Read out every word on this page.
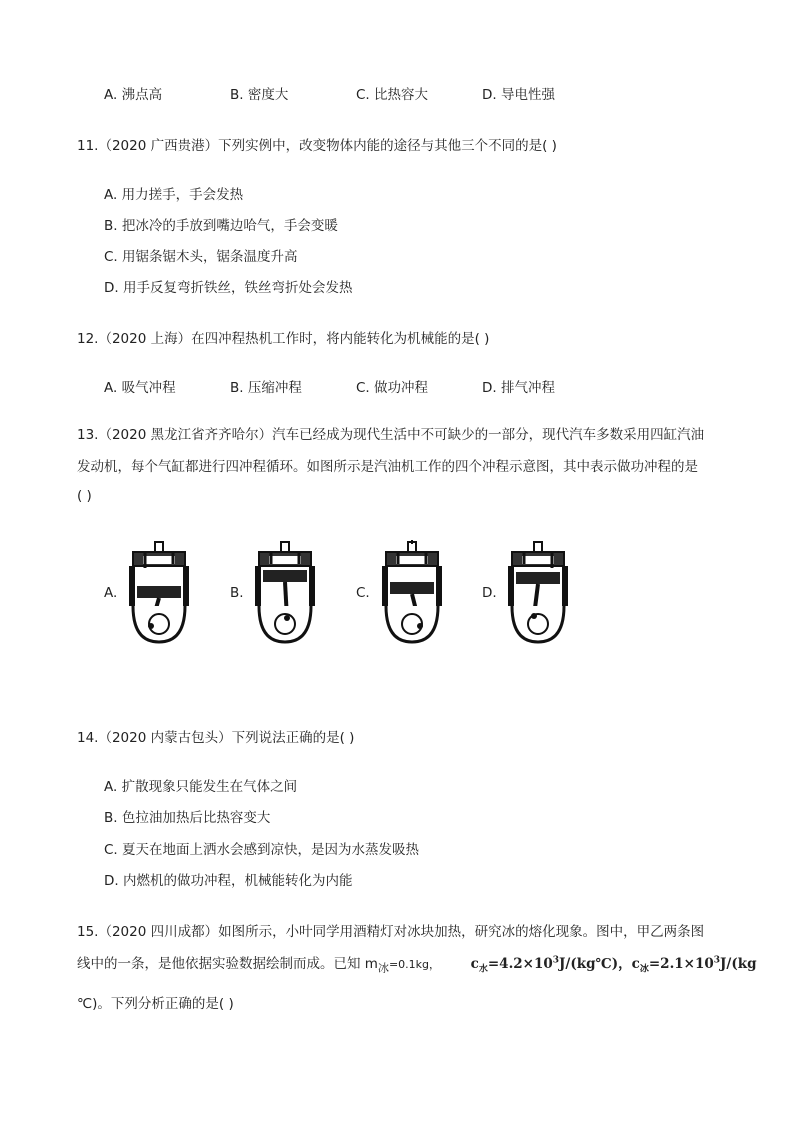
A. 沸点高	B. 密度大	C. 比热容大	D. 导电性强
11.（2020 广西贵港）下列实例中，改变物体内能的途径与其他三个不同的是( )
A. 用力搓手，手会发热
B. 把冰冷的手放到嘴边哈气，手会变暖
C. 用锯条锯木头，锯条温度升高
D. 用手反复弯折铁丝，铁丝弯折处会发热
12.（2020 上海）在四冲程热机工作时，将内能转化为机械能的是( )
A. 吸气冲程	B. 压缩冲程	C. 做功冲程	D. 排气冲程
13.（2020 黑龙江省齐齐哈尔）汽车已经成为现代生活中不可缺少的一部分，现代汽车多数采用四缸汽油
发动机，每个气缸都进行四冲程循环。如图所示是汽油机工作的四个冲程示意图，其中表示做功冲程的是
( )
A.	B.	C.	D.
14.（2020 内蒙古包头）下列说法正确的是( )
A. 扩散现象只能发生在气体之间
B. 色拉油加热后比热容变大
C. 夏天在地面上洒水会感到凉快，是因为水蒸发吸热
D. 内燃机的做功冲程，机械能转化为内能
15.（2020 四川成都）如图所示，小叶同学用酒精灯对冰块加热，研究冰的熔化现象。图中，甲乙两条图
线中的一条，是他依据实验数据绘制而成。已知 $m_冰=0.1kg$， $c_水=4.2\times 10^3J/(kg℃)$，$c_冰=2.1\times 10^3J/(kg$
℃)。下列分析正确的是( )
